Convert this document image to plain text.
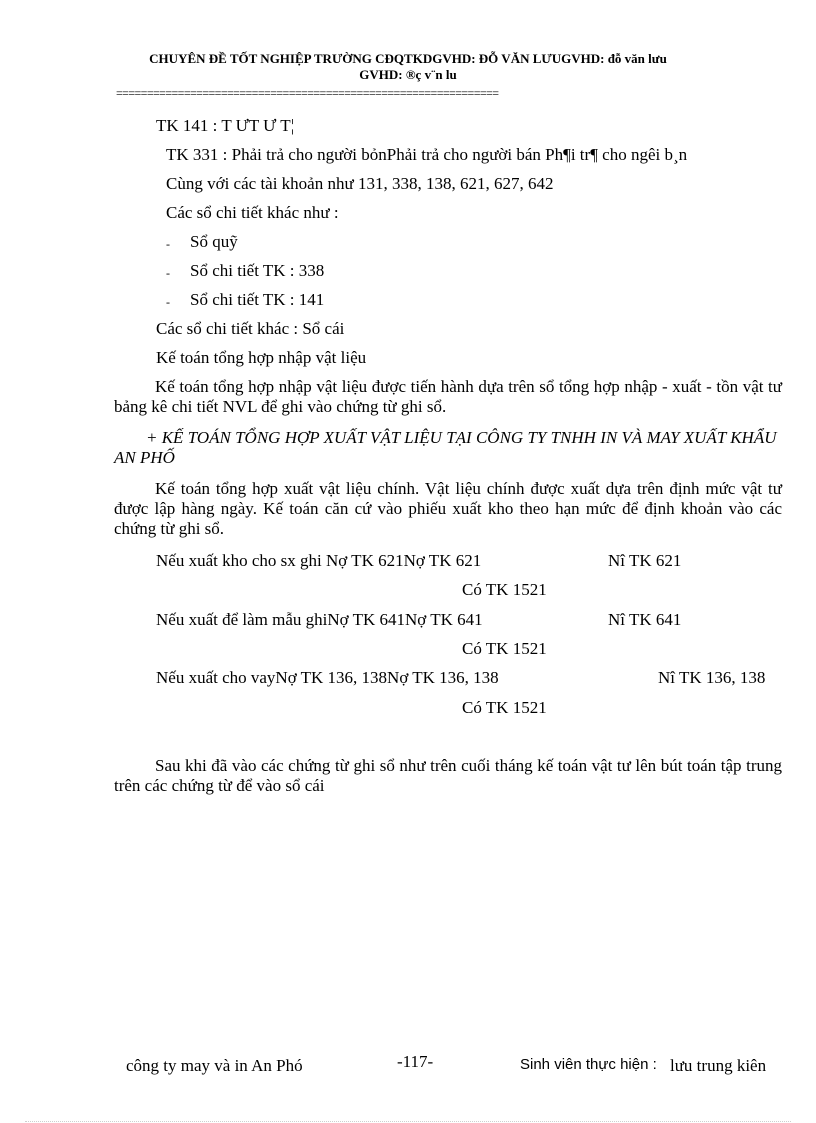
CHUYÊN ĐỀ TỐT NGHIỆP TRƯỜNG CĐQTKDGVHD: ĐỖ VĂN LƯUGVHD: đỗ văn lưu
GVHD: ®ç v¨n lu
==============================================================
TK 141 : T ƯT Ư T¦
TK 331 : Phải trả cho người bỏnPhải trả cho người bán Ph¶i tr¶ cho ngêi b¸n
Cùng với các tài khoản như 131, 338, 138, 621, 627, 642
Các sổ chi tiết khác như :
‐ Sổ quỹ
‐ Sổ chi tiết TK : 338
‐ Sổ chi tiết TK : 141
Các sổ chi tiết khác : Sổ cái
Kế toán tổng hợp nhập vật liệu
Kế toán tổng hợp nhập vật liệu được tiến hành dựa trên sổ tổng hợp nhập - xuất - tồn vật tư bảng kê chi tiết NVL để ghi vào chứng từ ghi sổ.
+ KẾ TOÁN TỔNG HỢP XUẤT VẬT LIỆU TẠI CÔNG TY TNHH IN VÀ MAY XUẤT KHẨU AN PHỐ
Kế toán tổng hợp xuất vật liệu chính. Vật liệu chính được xuất dựa trên định mức vật tư được lập hàng ngày. Kế toán căn cứ vào phiếu xuất kho theo hạn mức để định khoản vào các chứng từ ghi sổ.
Nếu xuất kho cho sx ghi Nợ TK 621Nợ TK 621	Nî TK 621
Có TK 1521
Nếu xuất để làm mẫu ghiNợ TK 641Nợ TK 641	Nî TK 641
Có TK 1521
Nếu xuất cho vayNợ TK 136, 138Nợ TK 136, 138	Nî TK 136, 138
Có TK 1521
Sau khi đã vào các chứng từ ghi sổ như trên cuối tháng kế toán vật tư lên bút toán tập trung trên các chứng từ để vào sổ cái
công ty may và in An Phó	-117-	Sinh viên thực hiện : lưu trung kiên
